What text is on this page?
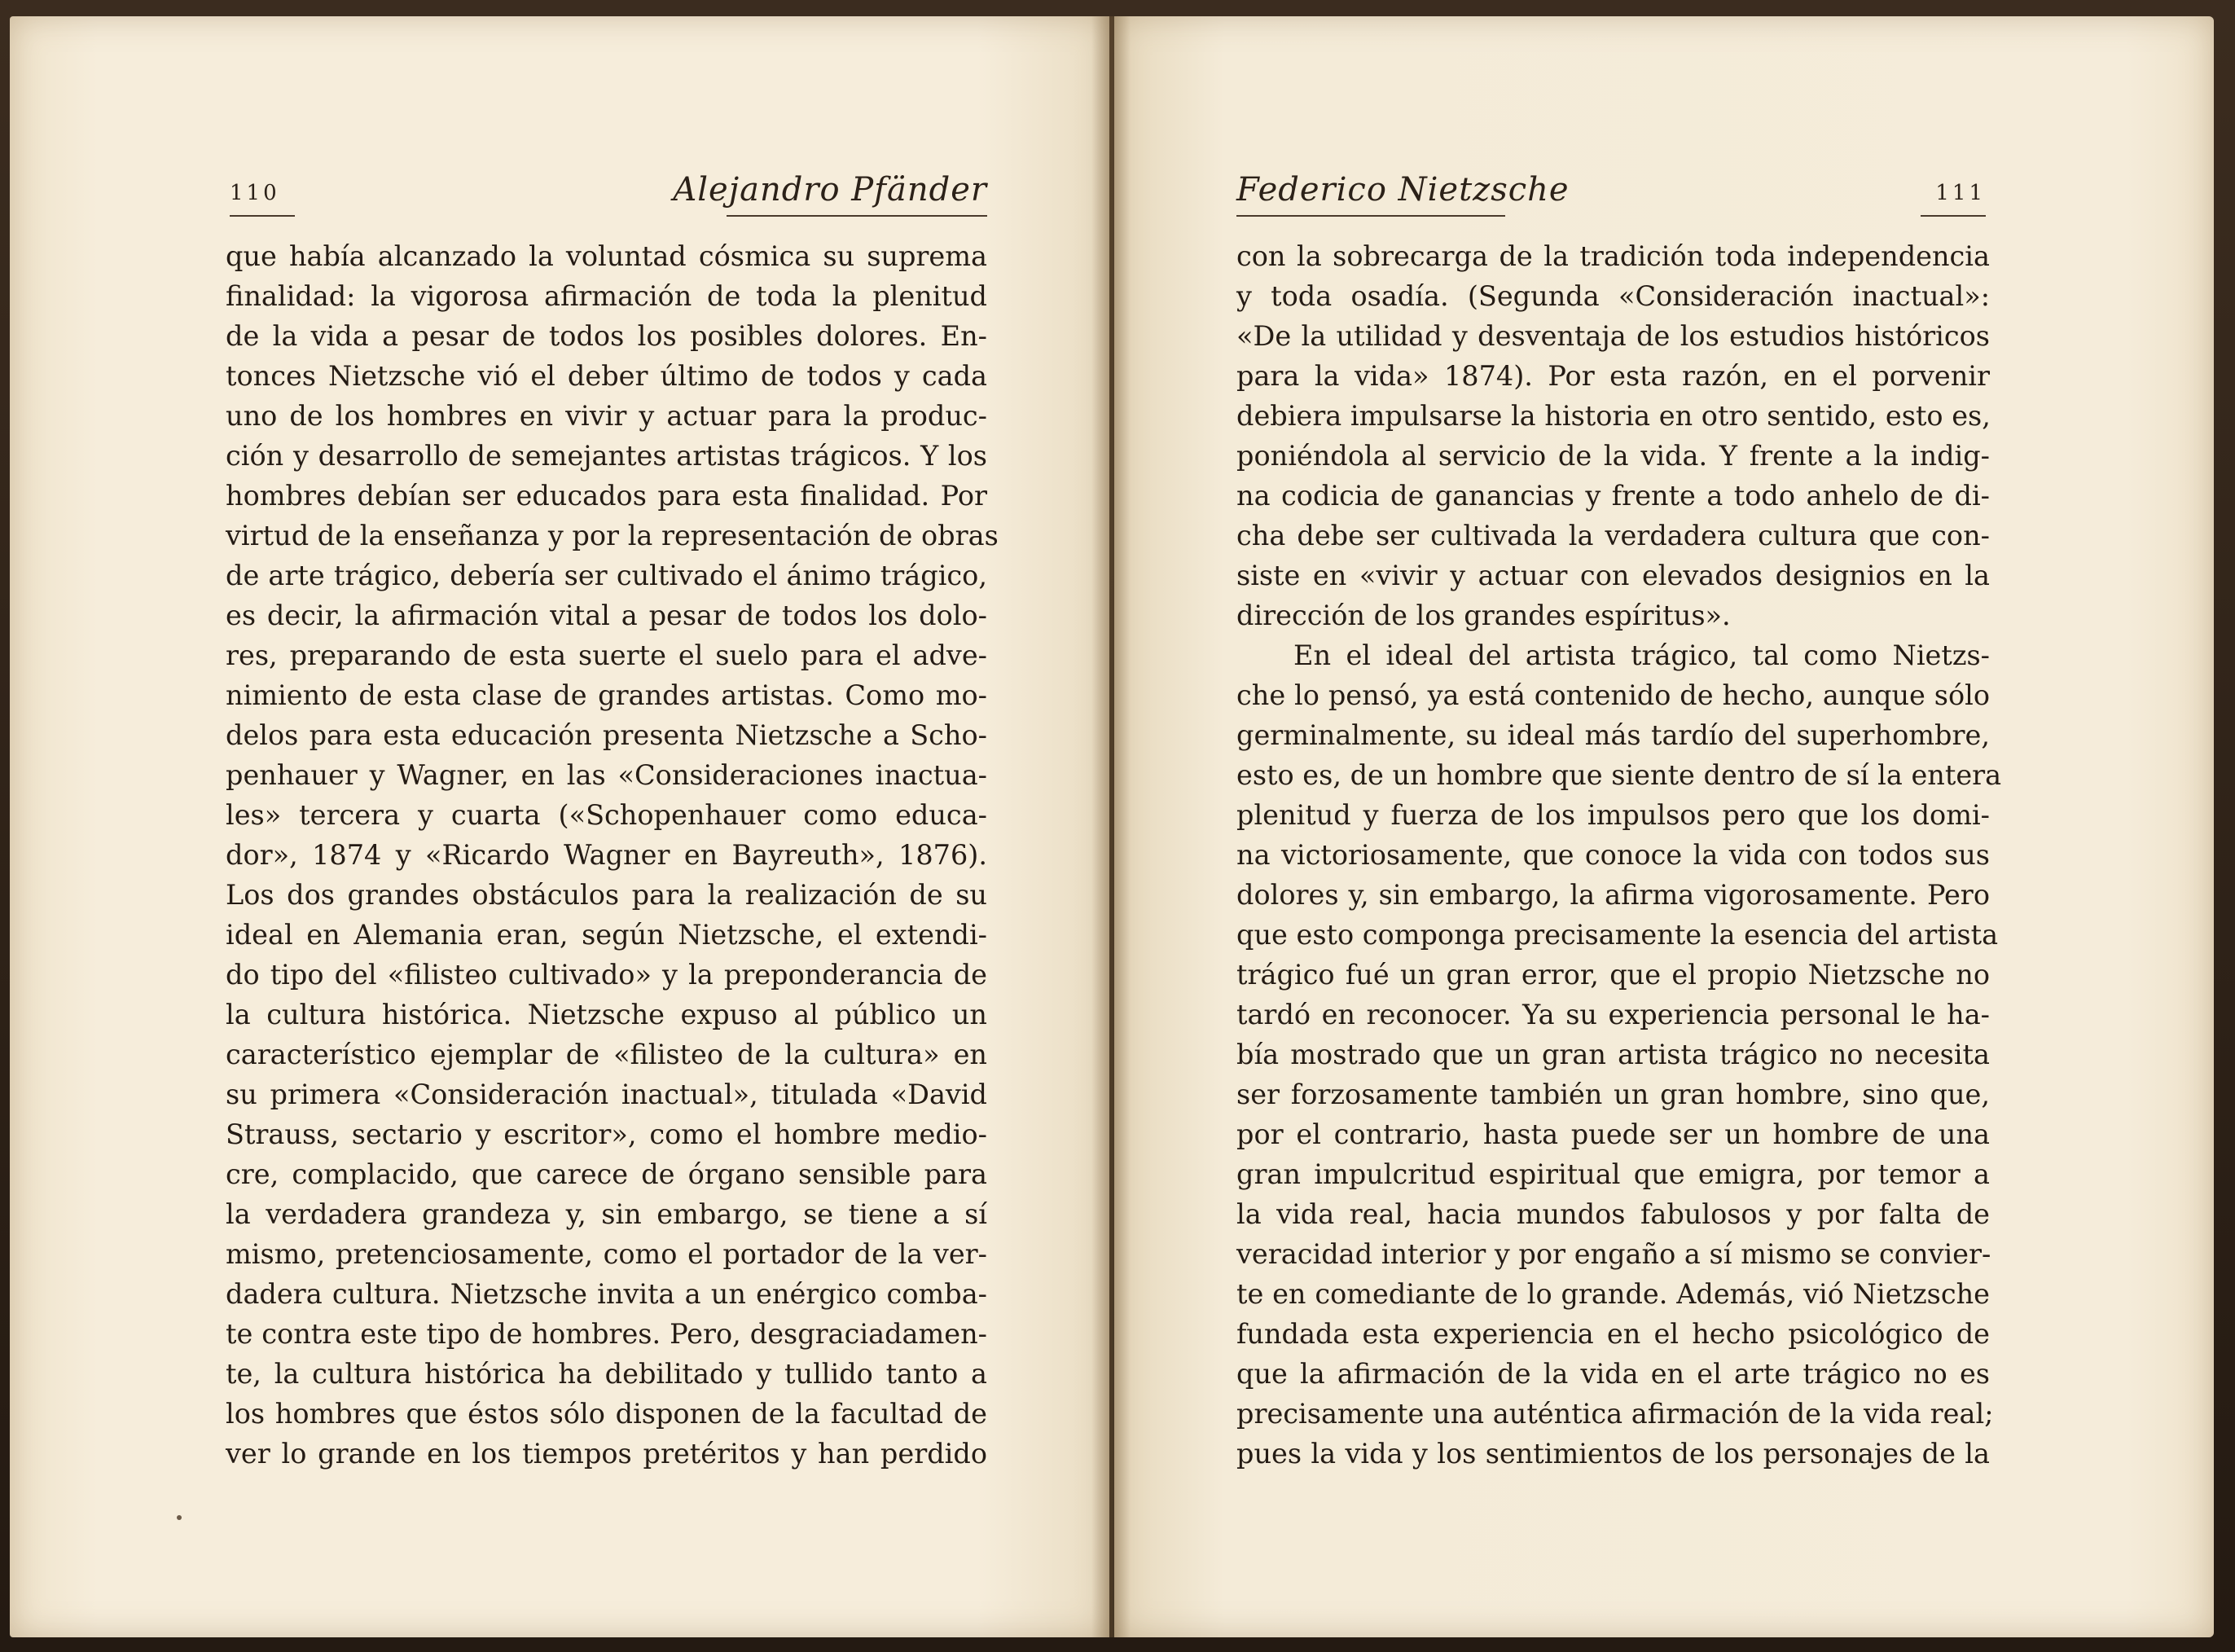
110	Alejandro Pfänder
que había alcanzado la voluntad cósmica su suprema
finalidad: la vigorosa afirmación de toda la plenitud
de la vida a pesar de todos los posibles dolores. En-
tonces Nietzsche vió el deber último de todos y cada
uno de los hombres en vivir y actuar para la produc-
ción y desarrollo de semejantes artistas trágicos. Y los
hombres debían ser educados para esta finalidad. Por
virtud de la enseñanza y por la representación de obras
de arte trágico, debería ser cultivado el ánimo trágico,
es decir, la afirmación vital a pesar de todos los dolo-
res, preparando de esta suerte el suelo para el adve-
nimiento de esta clase de grandes artistas. Como mo-
delos para esta educación presenta Nietzsche a Scho-
penhauer y Wagner, en las «Consideraciones inactua-
les» tercera y cuarta («Schopenhauer como educa-
dor», 1874 y «Ricardo Wagner en Bayreuth», 1876).
Los dos grandes obstáculos para la realización de su
ideal en Alemania eran, según Nietzsche, el extendi-
do tipo del «filisteo cultivado» y la preponderancia de
la cultura histórica. Nietzsche expuso al público un
característico ejemplar de «filisteo de la cultura» en
su primera «Consideración inactual», titulada «David
Strauss, sectario y escritor», como el hombre medio-
cre, complacido, que carece de órgano sensible para
la verdadera grandeza y, sin embargo, se tiene a sí
mismo, pretenciosamente, como el portador de la ver-
dadera cultura. Nietzsche invita a un enérgico comba-
te contra este tipo de hombres. Pero, desgraciadamen-
te, la cultura histórica ha debilitado y tullido tanto a
los hombres que éstos sólo disponen de la facultad de
ver lo grande en los tiempos pretéritos y han perdido
Federico Nietzsche	111
con la sobrecarga de la tradición toda independencia
y toda osadía. (Segunda «Consideración inactual»:
«De la utilidad y desventaja de los estudios históricos
para la vida» 1874). Por esta razón, en el porvenir
debiera impulsarse la historia en otro sentido, esto es,
poniéndola al servicio de la vida. Y frente a la indig-
na codicia de ganancias y frente a todo anhelo de di-
cha debe ser cultivada la verdadera cultura que con-
siste en «vivir y actuar con elevados designios en la
dirección de los grandes espíritus».
En el ideal del artista trágico, tal como Nietzs-
che lo pensó, ya está contenido de hecho, aunque sólo
germinalmente, su ideal más tardío del superhombre,
esto es, de un hombre que siente dentro de sí la entera
plenitud y fuerza de los impulsos pero que los domi-
na victoriosamente, que conoce la vida con todos sus
dolores y, sin embargo, la afirma vigorosamente. Pero
que esto componga precisamente la esencia del artista
trágico fué un gran error, que el propio Nietzsche no
tardó en reconocer. Ya su experiencia personal le ha-
bía mostrado que un gran artista trágico no necesita
ser forzosamente también un gran hombre, sino que,
por el contrario, hasta puede ser un hombre de una
gran impulcritud espiritual que emigra, por temor a
la vida real, hacia mundos fabulosos y por falta de
veracidad interior y por engaño a sí mismo se convier-
te en comediante de lo grande. Además, vió Nietzsche
fundada esta experiencia en el hecho psicológico de
que la afirmación de la vida en el arte trágico no es
precisamente una auténtica afirmación de la vida real;
pues la vida y los sentimientos de los personajes de la
